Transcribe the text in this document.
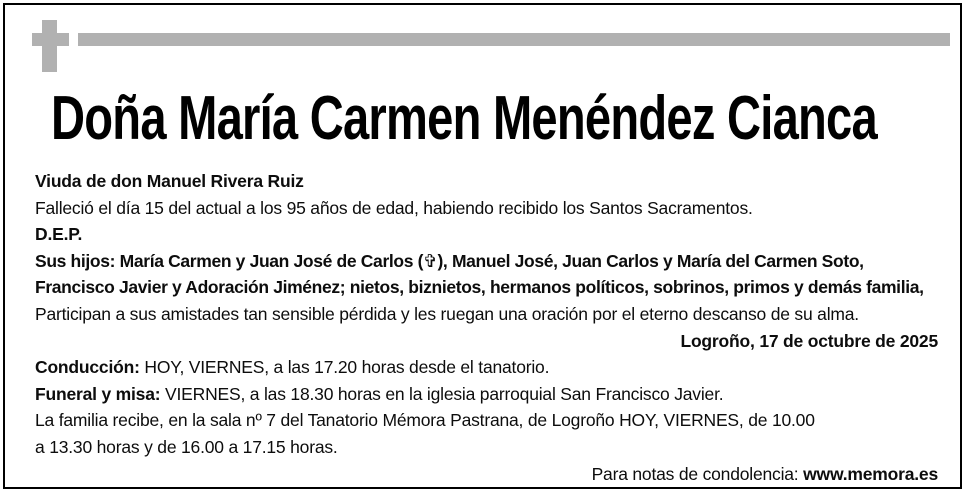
Doña María Carmen Menéndez Cianca
Viuda de don Manuel Rivera Ruiz
Falleció el día 15 del actual a los 95 años de edad, habiendo recibido los Santos Sacramentos.
D.E.P.
Sus hijos: María Carmen y Juan José de Carlos (✞), Manuel José, Juan Carlos y María del Carmen Soto,
Francisco Javier y Adoración Jiménez; nietos, biznietos, hermanos políticos, sobrinos, primos y demás familia,
Participan a sus amistades tan sensible pérdida y les ruegan una oración por el eterno descanso de su alma.
Logroño, 17 de octubre de 2025
Conducción: HOY, VIERNES, a las 17.20 horas desde el tanatorio.
Funeral y misa: VIERNES, a las 18.30 horas en la iglesia parroquial San Francisco Javier.
La familia recibe, en la sala nº 7 del Tanatorio Mémora Pastrana, de Logroño HOY, VIERNES, de 10.00
a 13.30 horas y de 16.00 a 17.15 horas.
Para notas de condolencia: www.memora.es
